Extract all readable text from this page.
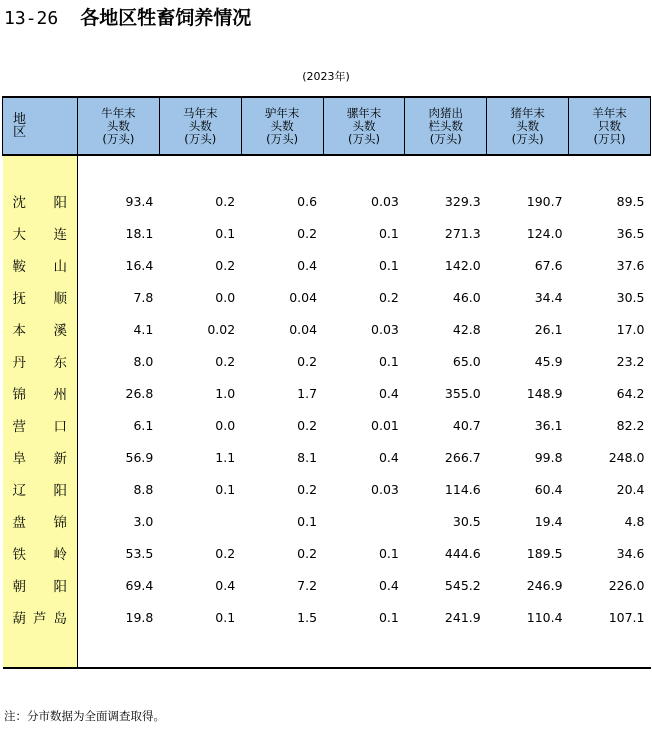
13-26 各地区牲畜饲养情况
(2023年)
地　区	牛年末
头数
(万头)	马年末
头数
(万头)	驴年末
头数
(万头)	骡年末
头数
(万头)	肉猪出
栏头数
(万头)	猪年末
头数
(万头)	羊年末
只数
(万只)

沈 阳	93.4	0.2	0.6	0.03	329.3	190.7	89.5

大 连	18.1	0.1	0.2	0.1	271.3	124.0	36.5

鞍 山	16.4	0.2	0.4	0.1	142.0	67.6	37.6

抚 顺	7.8	0.0	0.04	0.2	46.0	34.4	30.5

本 溪	4.1	0.02	0.04	0.03	42.8	26.1	17.0

丹 东	8.0	0.2	0.2	0.1	65.0	45.9	23.2

锦 州	26.8	1.0	1.7	0.4	355.0	148.9	64.2

营 口	6.1	0.0	0.2	0.01	40.7	36.1	82.2

阜 新	56.9	1.1	8.1	0.4	266.7	99.8	248.0

辽 阳	8.8	0.1	0.2	0.03	114.6	60.4	20.4

盘 锦	3.0		0.1		30.5	19.4	4.8

铁 岭	53.5	0.2	0.2	0.1	444.6	189.5	34.6

朝 阳	69.4	0.4	7.2	0.4	545.2	246.9	226.0

葫 芦 岛	19.8	0.1	1.5	0.1	241.9	110.4	107.1

注：分市数据为全面调查取得。
